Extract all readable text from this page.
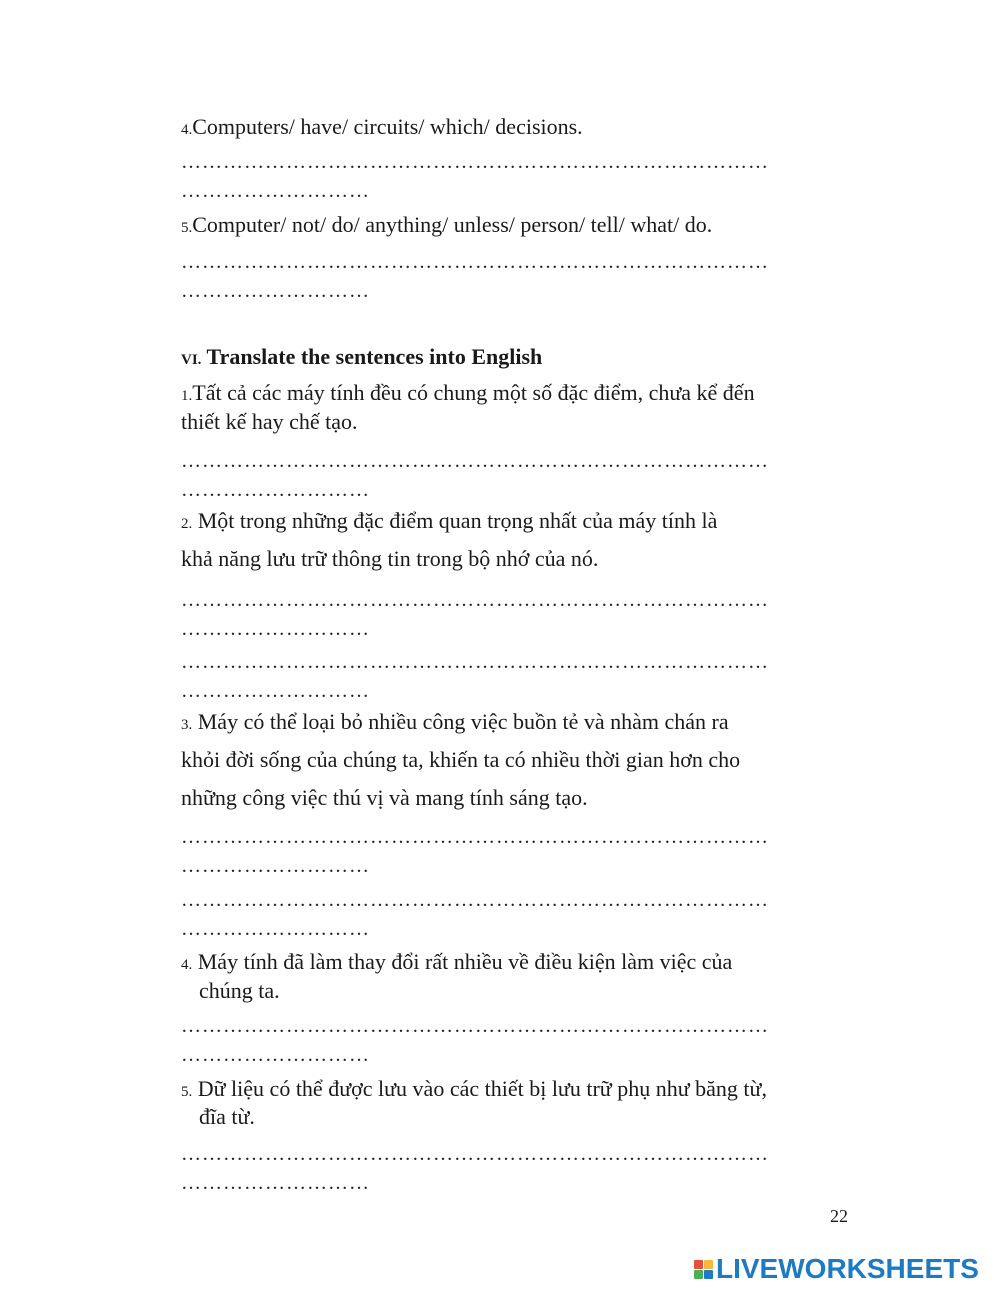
4.Computers/ have/ circuits/ which/ decisions.
…………………………………………………………………………
………………………
5.Computer/ not/ do/ anything/ unless/ person/ tell/ what/ do.
…………………………………………………………………………
………………………
VI. Translate the sentences into English
1.Tất cả các máy tính đều có chung một số đặc điểm, chưa kể đến
thiết kế hay chế tạo.
…………………………………………………………………………
………………………
2. Một trong những đặc điểm quan trọng nhất của máy tính là
khả năng lưu trữ thông tin trong bộ nhớ của nó.
…………………………………………………………………………
………………………
…………………………………………………………………………
………………………
3. Máy có thể loại bỏ nhiều công việc buồn tẻ và nhàm chán ra
khỏi đời sống của chúng ta, khiến ta có nhiều thời gian hơn cho
những công việc thú vị và mang tính sáng tạo.
…………………………………………………………………………
………………………
…………………………………………………………………………
………………………
4. Máy tính đã làm thay đổi rất nhiều về điều kiện làm việc của
chúng ta.
…………………………………………………………………………
………………………
5. Dữ liệu có thể được lưu vào các thiết bị lưu trữ phụ như băng từ,
đĩa từ.
…………………………………………………………………………
………………………
22
LIVEWORKSHEETS
